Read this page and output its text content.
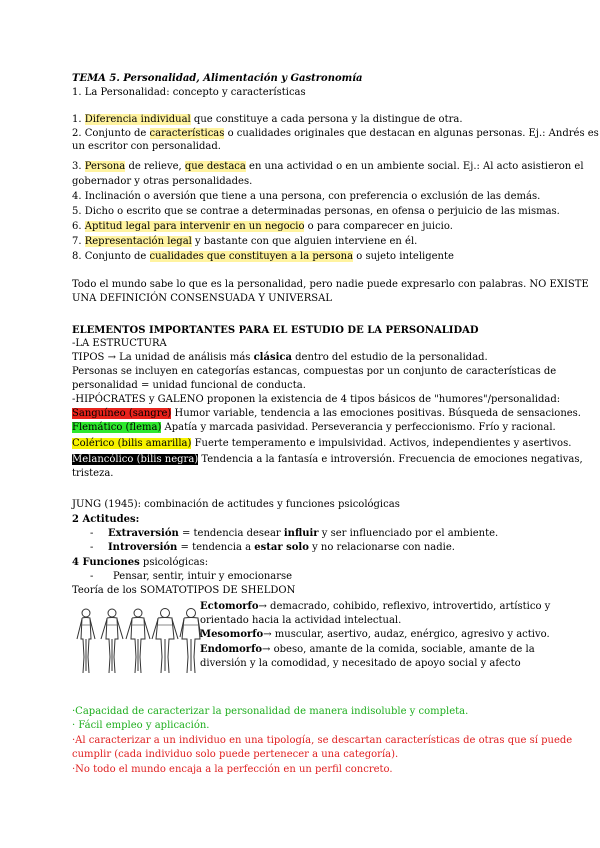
TEMA 5. Personalidad, Alimentación y Gastronomía
1. La Personalidad: concepto y características
1. Diferencia individual que constituye a cada persona y la distingue de otra.
2. Conjunto de características o cualidades originales que destacan en algunas personas. Ej.: Andrés es
un escritor con personalidad.
3. Persona de relieve, que destaca en una actividad o en un ambiente social. Ej.: Al acto asistieron el
gobernador y otras personalidades.
4. Inclinación o aversión que tiene a una persona, con preferencia o exclusión de las demás.
5. Dicho o escrito que se contrae a determinadas personas, en ofensa o perjuicio de las mismas.
6. Aptitud legal para intervenir en un negocio o para comparecer en juicio.
7. Representación legal y bastante con que alguien interviene en él.
8. Conjunto de cualidades que constituyen a la persona o sujeto inteligente
Todo el mundo sabe lo que es la personalidad, pero nadie puede expresarlo con palabras. NO EXISTE
UNA DEFINICIÓN CONSENSUADA Y UNIVERSAL
ELEMENTOS IMPORTANTES PARA EL ESTUDIO DE LA PERSONALIDAD
-LA ESTRUCTURA
TIPOS → La unidad de análisis más clásica dentro del estudio de la personalidad.
Personas se incluyen en categorías estancas, compuestas por un conjunto de características de
personalidad = unidad funcional de conducta.
-HIPÓCRATES y GALENO proponen la existencia de 4 tipos básicos de "humores"/personalidad:
Sanguíneo (sangre) Humor variable, tendencia a las emociones positivas. Búsqueda de sensaciones.
Flemático (flema) Apatía y marcada pasividad. Perseverancia y perfeccionismo. Frío y racional.
Colérico (bilis amarilla) Fuerte temperamento e impulsividad. Activos, independientes y asertivos.
Melancólico (bilis negra) Tendencia a la fantasía e introversión. Frecuencia de emociones negativas,
tristeza.
JUNG (1945): combinación de actitudes y funciones psicológicas
2 Actitudes:
- Extraversión = tendencia desear influir y ser influenciado por el ambiente.
- Introversión = tendencia a estar solo y no relacionarse con nadie.
4 Funciones psicológicas:
- Pensar, sentir, intuir y emocionarse
Teoría de los SOMATOTIPOS DE SHELDON
Ectomorfo→ demacrado, cohibido, reflexivo, introvertido, artístico y
orientado hacia la actividad intelectual.
Mesomorfo→ muscular, asertivo, audaz, enérgico, agresivo y activo.
Endomorfo→ obeso, amante de la comida, sociable, amante de la
diversión y la comodidad, y necesitado de apoyo social y afecto
·Capacidad de caracterizar la personalidad de manera indisoluble y completa.
· Fácil empleo y aplicación.
·Al caracterizar a un individuo en una tipología, se descartan características de otras que sí puede
cumplir (cada individuo solo puede pertenecer a una categoría).
·No todo el mundo encaja a la perfección en un perfil concreto.
